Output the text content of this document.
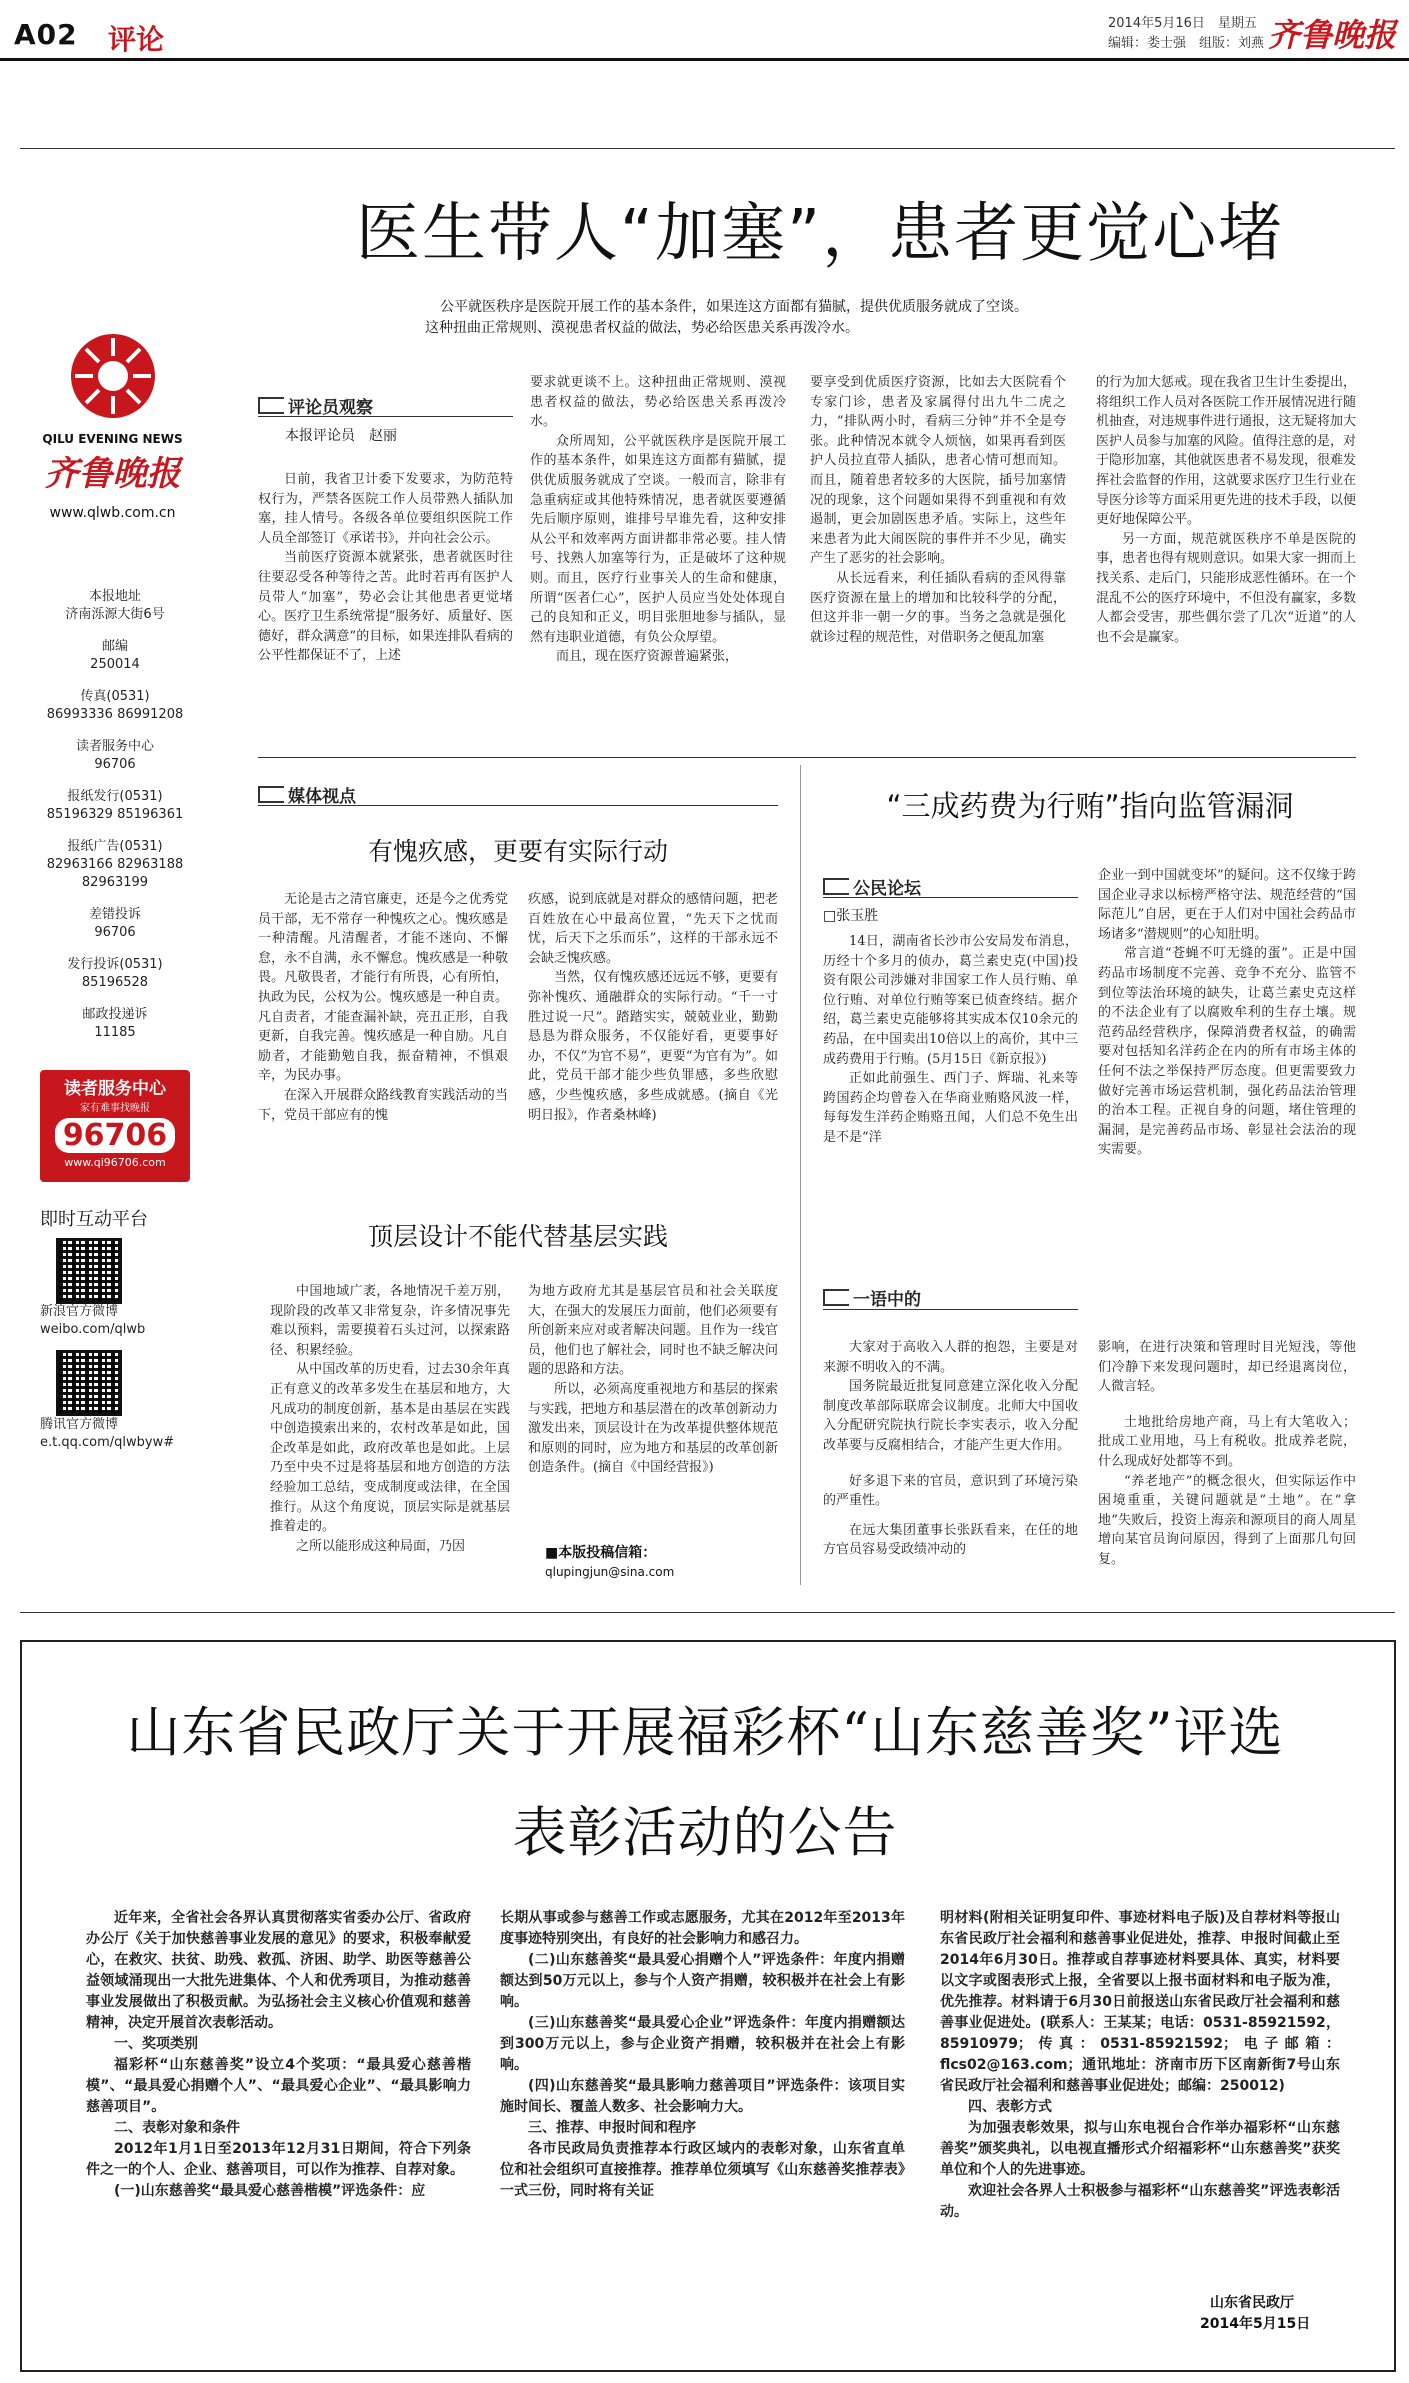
A02 评论	2014年5月16日　 星期五
编辑：娄士强　 组版：刘燕 齐鲁晚报
QILU EVENING NEWS
齐鲁晚报
www.qlwb.com.cn
本报地址
济南泺源大街6号
邮编
250014
传真(0531)
86993336 86991208
读者服务中心
96706
报纸发行(0531)
85196329 85196361
报纸广告(0531)
82963166 82963188 82963199
差错投诉
96706
发行投诉(0531)
85196528
邮政投递诉
11185
读者服务中心
家有难事找晚报
96706
www.qi96706.com
即时互动平台
新浪官方微博
weibo.com/qlwb
腾讯官方微博
e.t.qq.com/qlwbyw#
医生带人“加塞”，患者更觉心堵
公平就医秩序是医院开展工作的基本条件，如果连这方面都有猫腻，提供优质服务就成了空谈。
这种扭曲正常规则、漠视患者权益的做法，势必给医患关系再泼冷水。
评论员观察
本报评论员　赵丽

日前，我省卫计委下发要求，为防范特权行为，严禁各医院工作人员带熟人插队加塞，挂人情号。各级各单位要组织医院工作人员全部签订《承诺书》，并向社会公示。

当前医疗资源本就紧张，患者就医时往往要忍受各种等待之苦。此时若再有医护人员带人“加塞”，势必会让其他患者更觉堵心。医疗卫生系统常提“服务好、质量好、医德好，群众满意”的目标，如果连排队看病的公平性都保证不了，上述

要求就更谈不上。这种扭曲正常规则、漠视患者权益的做法，势必给医患关系再泼冷水。

众所周知，公平就医秩序是医院开展工作的基本条件，如果连这方面都有猫腻，提供优质服务就成了空谈。一般而言，除非有急重病症或其他特殊情况，患者就医要遵循先后顺序原则，谁排号早谁先看，这种安排从公平和效率两方面讲都非常必要。挂人情号、找熟人加塞等行为，正是破坏了这种规则。而且，医疗行业事关人的生命和健康，所谓“医者仁心”，医护人员应当处处体现自己的良知和正义，明目张胆地参与插队，显然有违职业道德，有负公众厚望。

而且，现在医疗资源普遍紧张，

要享受到优质医疗资源，比如去大医院看个专家门诊，患者及家属得付出九牛二虎之力，“排队两小时，看病三分钟”并不全是夸张。此种情况本就令人烦恼，如果再看到医护人员拉直带人插队，患者心情可想而知。而且，随着患者较多的大医院，插号加塞情况的现象，这个问题如果得不到重视和有效遏制，更会加剧医患矛盾。实际上，这些年来患者为此大闹医院的事件并不少见，确实产生了恶劣的社会影响。

从长远看来，利任插队看病的歪风得靠医疗资源在量上的增加和比较科学的分配，但这并非一朝一夕的事。当务之急就是强化就诊过程的规范性，对借职务之便乱加塞

的行为加大惩戒。现在我省卫生计生委提出，将组织工作人员对各医院工作开展情况进行随机抽查，对违规事件进行通报，这无疑将加大医护人员参与加塞的风险。值得注意的是，对于隐形加塞，其他就医患者不易发现，很难发挥社会监督的作用，这就要求医疗卫生行业在导医分诊等方面采用更先进的技术手段，以便更好地保障公平。

另一方面，规范就医秩序不单是医院的事，患者也得有规则意识。如果大家一拥而上找关系、走后门，只能形成恶性循环。在一个混乱不公的医疗环境中，不但没有赢家，多数人都会受害，那些偶尔尝了几次“近道”的人也不会是赢家。

媒体视点
有愧疚感，更要有实际行动

无论是古之清官廉吏，还是今之优秀党员干部，无不常存一种愧疚之心。愧疚感是一种清醒。凡清醒者，才能不迷向、不懈怠，永不自满，永不懈怠。愧疚感是一种敬畏。凡敬畏者，才能行有所畏，心有所怕，执政为民，公权为公。愧疚感是一种自责。凡自责者，才能查漏补缺，亮丑正形，自我更新，自我完善。愧疚感是一种自励。凡自励者，才能勤勉自我，振奋精神，不惧艰辛，为民办事。

在深入开展群众路线教育实践活动的当下，党员干部应有的愧

疚感，说到底就是对群众的感情问题，把老百姓放在心中最高位置，“先天下之忧而忧，后天下之乐而乐”，这样的干部永远不会缺乏愧疚感。

当然，仅有愧疚感还远远不够，更要有弥补愧疚、通融群众的实际行动。“千一寸胜过说一尺”。踏踏实实，兢兢业业，勤勤恳恳为群众服务，不仅能好看，更要事好办，不仅“为官不易”，更要“为官有为”。如此，党员干部才能少些负罪感，多些欣慰感，少些愧疚感，多些成就感。(摘自《光明日报》，作者桑林峰)

顶层设计不能代替基层实践

中国地域广袤，各地情况千差万别，现阶段的改革又非常复杂，许多情况事先难以预料，需要摸着石头过河，以探索路径、积累经验。

从中国改革的历史看，过去30余年真正有意义的改革多发生在基层和地方，大凡成功的制度创新，基本是由基层在实践中创造摸索出来的，农村改革是如此，国企改革是如此，政府改革也是如此。上层乃至中央不过是将基层和地方创造的方法经验加工总结，变成制度或法律，在全国推行。从这个角度说，顶层实际是就基层推着走的。

之所以能形成这种局面，乃因

为地方政府尤其是基层官员和社会关联度大，在强大的发展压力面前，他们必须要有所创新来应对或者解决问题。且作为一线官员，他们也了解社会，同时也不缺乏解决问题的思路和方法。

所以，必须高度重视地方和基层的探索与实践，把地方和基层潜在的改革创新动力激发出来，顶层设计在为改革提供整体规范和原则的同时，应为地方和基层的改革创新创造条件。(摘自《中国经营报》)

■本版投稿信箱：
qlupingjun@sina.com
“三成药费为行贿”指向监管漏洞
公民论坛
□张玉胜

14日，湖南省长沙市公安局发布消息，历经十个多月的侦办，葛兰素史克(中国)投资有限公司涉嫌对非国家工作人员行贿、单位行贿、对单位行贿等案已侦查终结。据介绍，葛兰素史克能够将其实成本仅10余元的药品，在中国卖出10倍以上的高价，其中三成药费用于行贿。(5月15日《新京报》)

正如此前强生、西门子、辉瑞、礼来等跨国药企均曾卷入在华商业贿赂风波一样，每每发生洋药企贿赂丑闻，人们总不免生出是不是“洋

企业一到中国就变坏”的疑问。这不仅缘于跨国企业寻求以标榜严格守法、规范经营的“国际范儿”自居，更在于人们对中国社会药品市场诸多“潜规则”的心知肚明。

常言道“苍蝇不叮无缝的蛋”。正是中国药品市场制度不完善、竞争不充分、监管不到位等法治环境的缺失，让葛兰素史克这样的不法企业有了以腐败牟利的生存土壤。规范药品经营秩序，保障消费者权益，的确需要对包括知名洋药企在内的所有市场主体的任何不法之举保持严厉态度。但更需要致力做好完善市场运营机制，强化药品法治管理的治本工程。正视自身的问题，堵住管理的漏洞，是完善药品市场、彰显社会法治的现实需要。

一语中的

大家对于高收入人群的抱怨，主要是对来源不明收入的不满。

国务院最近批复同意建立深化收入分配制度改革部际联席会议制度。北师大中国收入分配研究院执行院长李实表示，收入分配改革要与反腐相结合，才能产生更大作用。

好多退下来的官员，意识到了环境污染的严重性。

在远大集团董事长张跃看来，在任的地方官员容易受政绩冲动的

影响，在进行决策和管理时目光短浅，等他们冷静下来发现问题时，却已经退离岗位，人微言轻。

土地批给房地产商，马上有大笔收入；批成工业用地，马上有税收。批成养老院，什么现成好处都等不到。

“养老地产”的概念很火，但实际运作中困境重重，关键问题就是“土地”。在“拿地”失败后，投资上海亲和源项目的商人周星增向某官员询问原因，得到了上面那几句回复。

山东省民政厅关于开展福彩杯“山东慈善奖”评选
表彰活动的公告

近年来，全省社会各界认真贯彻落实省委办公厅、省政府办公厅《关于加快慈善事业发展的意见》的要求，积极奉献爱心，在救灾、扶贫、助残、救孤、济困、助学、助医等慈善公益领域涌现出一大批先进集体、个人和优秀项目，为推动慈善事业发展做出了积极贡献。为弘扬社会主义核心价值观和慈善精神，决定开展首次表彰活动。

一、奖项类别

福彩杯“山东慈善奖”设立4个奖项：“最具爱心慈善楷模”、“最具爱心捐赠个人”、“最具爱心企业”、“最具影响力慈善项目”。

二、表彰对象和条件

2012年1月1日至2013年12月31日期间，符合下列条件之一的个人、企业、慈善项目，可以作为推荐、自荐对象。

(一)山东慈善奖“最具爱心慈善楷模”评选条件：应

长期从事或参与慈善工作或志愿服务，尤其在2012年至2013年度事迹特别突出，有良好的社会影响力和感召力。

(二)山东慈善奖“最具爱心捐赠个人”评选条件：年度内捐赠额达到50万元以上，参与个人资产捐赠，较积极并在社会上有影响。

(三)山东慈善奖“最具爱心企业”评选条件：年度内捐赠额达到300万元以上，参与企业资产捐赠，较积极并在社会上有影响。

(四)山东慈善奖“最具影响力慈善项目”评选条件：该项目实施时间长、覆盖人数多、社会影响力大。

三、推荐、申报时间和程序

各市民政局负责推荐本行政区域内的表彰对象，山东省直单位和社会组织可直接推荐。推荐单位须填写《山东慈善奖推荐表》一式三份，同时将有关证

明材料(附相关证明复印件、事迹材料电子版)及自荐材料等报山东省民政厅社会福利和慈善事业促进处，推荐、申报时间截止至2014年6月30日。推荐或自荐事迹材料要具体、真实，材料要以文字或图表形式上报，全省要以上报书面材料和电子版为准，优先推荐。材料请于6月30日前报送山东省民政厅社会福利和慈善事业促进处。(联系人：王某某；电话：0531-85921592，85910979；传真：0531-85921592；电子邮箱：flcs02@163.com；通讯地址：济南市历下区南新街7号山东省民政厅社会福利和慈善事业促进处；邮编：250012)

四、表彰方式

为加强表彰效果，拟与山东电视台合作举办福彩杯“山东慈善奖”颁奖典礼，以电视直播形式介绍福彩杯“山东慈善奖”获奖单位和个人的先进事迹。

欢迎社会各界人士积极参与福彩杯“山东慈善奖”评选表彰活动。

山东省民政厅
2014年5月15日
